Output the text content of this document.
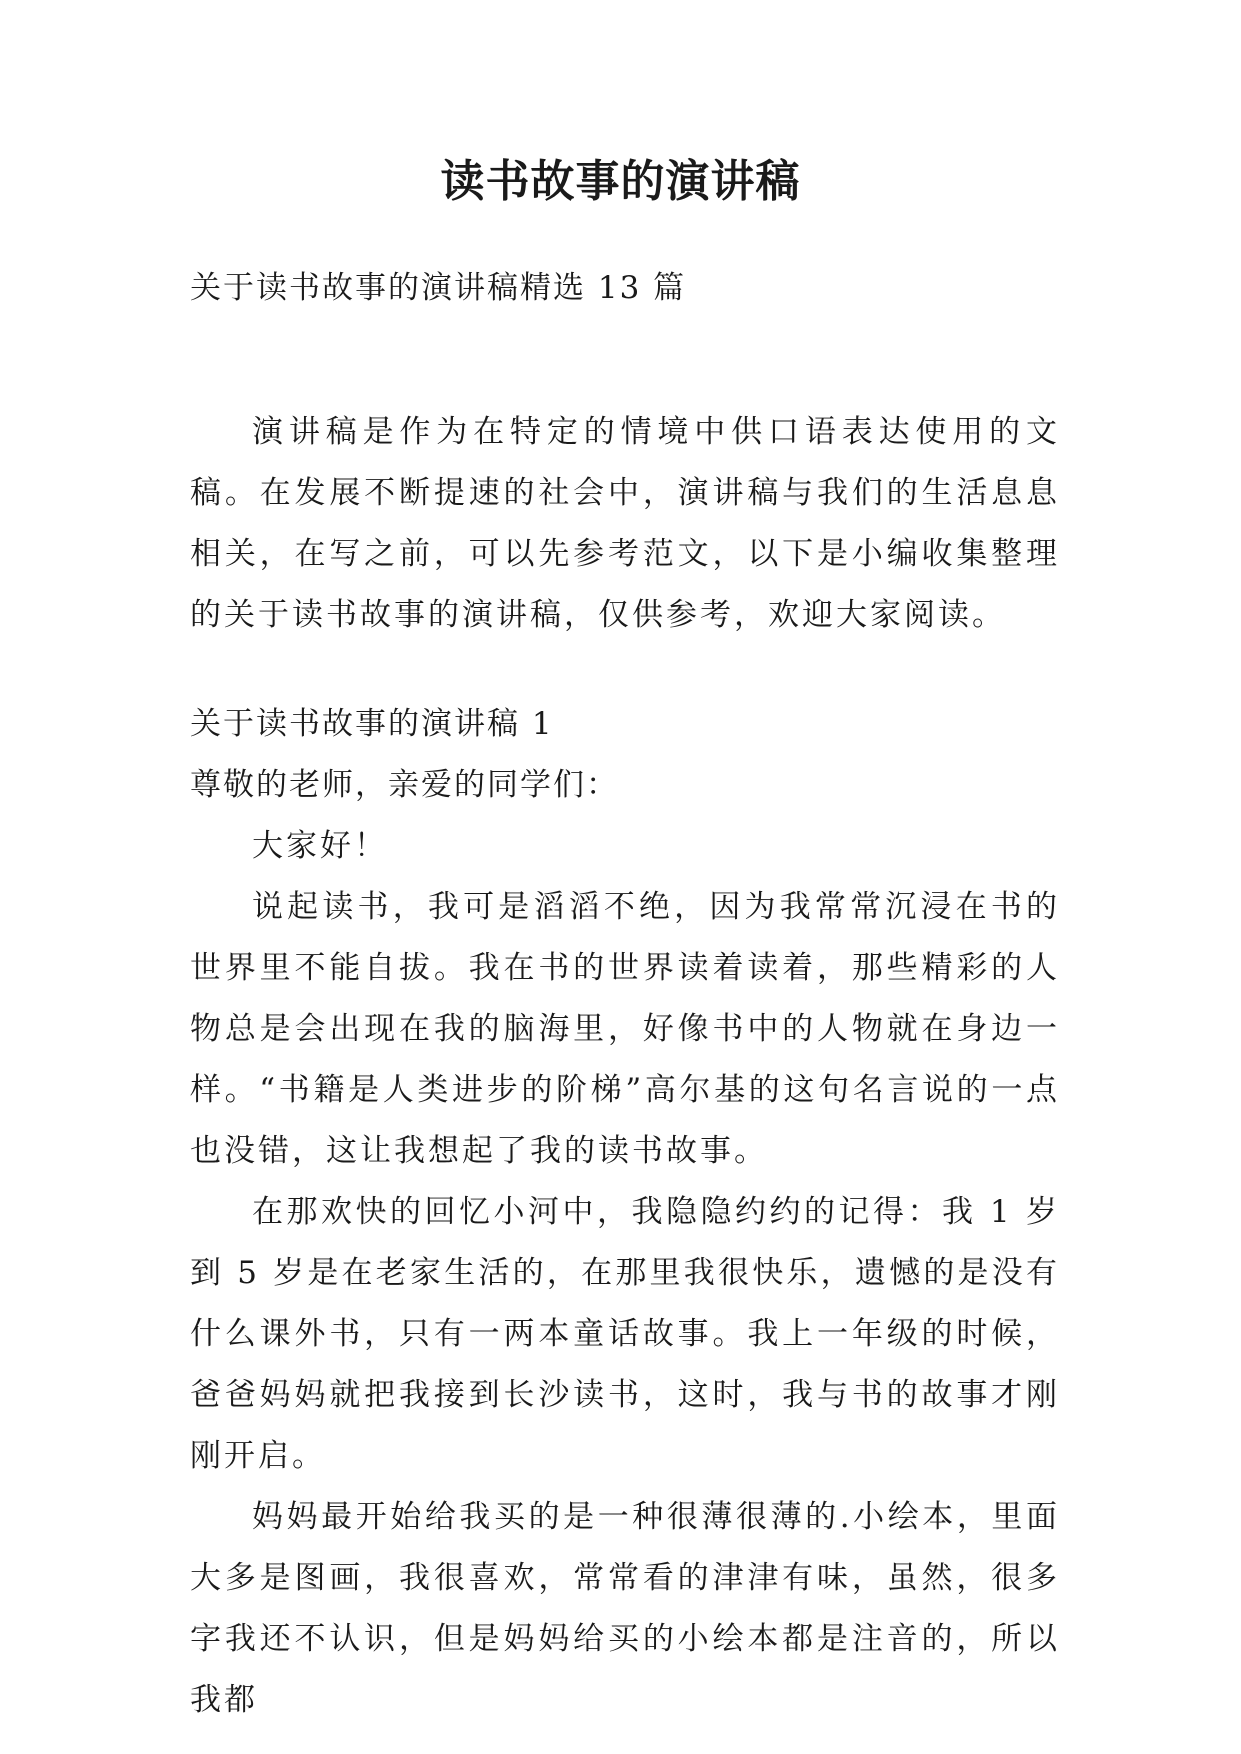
读书故事的演讲稿

关于读书故事的演讲稿精选 13 篇

演讲稿是作为在特定的情境中供口语表达使用的文稿。在发展不断提速的社会中，演讲稿与我们的生活息息相关，在写之前，可以先参考范文，以下是小编收集整理的关于读书故事的演讲稿，仅供参考，欢迎大家阅读。

关于读书故事的演讲稿 1

尊敬的老师，亲爱的同学们：

大家好！

说起读书，我可是滔滔不绝，因为我常常沉浸在书的世界里不能自拔。我在书的世界读着读着，那些精彩的人物总是会出现在我的脑海里，好像书中的人物就在身边一样。“书籍是人类进步的阶梯”高尔基的这句名言说的一点也没错，这让我想起了我的读书故事。

在那欢快的回忆小河中，我隐隐约约的记得：我 1 岁到 5 岁是在老家生活的，在那里我很快乐，遗憾的是没有什么课外书，只有一两本童话故事。我上一年级的时候，爸爸妈妈就把我接到长沙读书，这时，我与书的故事才刚刚开启。

妈妈最开始给我买的是一种很薄很薄的.小绘本，里面大多是图画，我很喜欢，常常看的津津有味，虽然，很多字我还不认识，但是妈妈给买的小绘本都是注音的，所以我都
